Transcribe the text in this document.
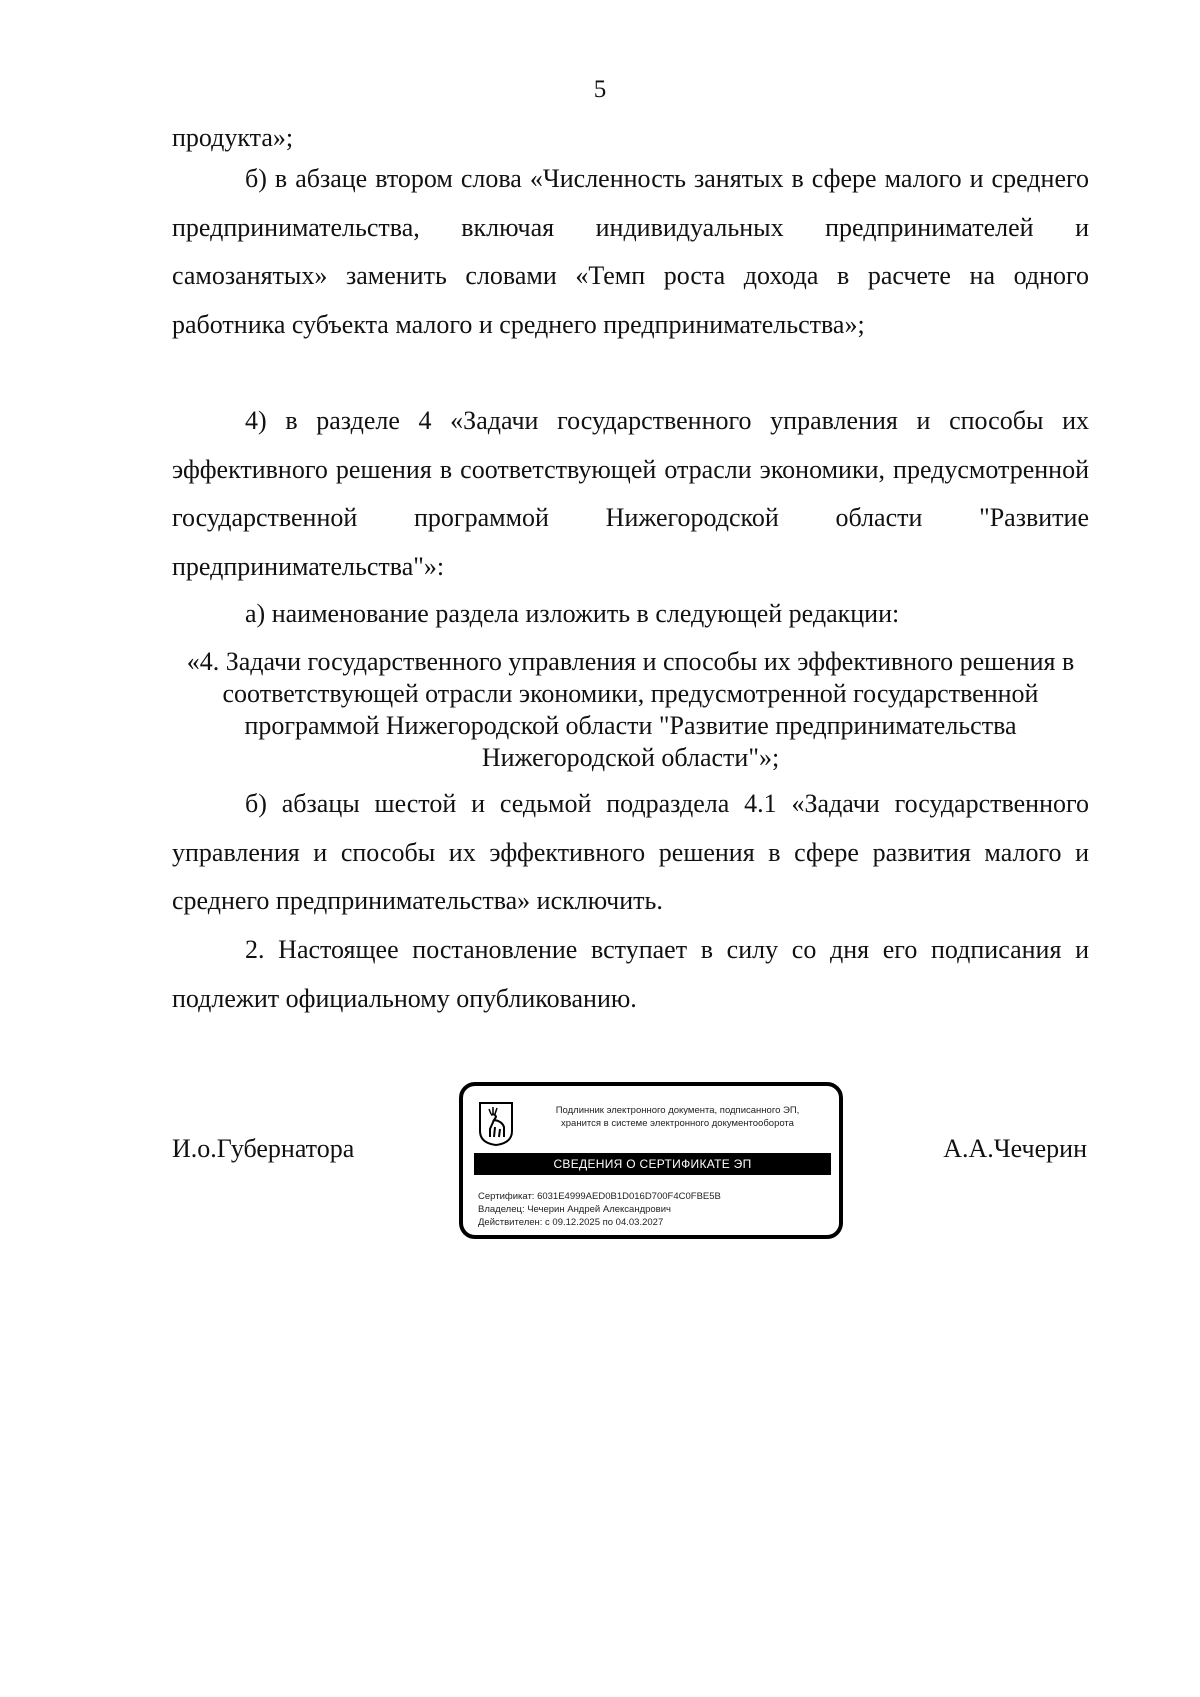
5

продукта»;

б) в абзаце втором слова «Численность занятых в сфере малого и среднего предпринимательства, включая индивидуальных предпринимателей и самозанятых» заменить словами «Темп роста дохода в расчете на одного работника субъекта малого и среднего предпринимательства»;

4) в разделе 4 «Задачи государственного управления и способы их эффективного решения в соответствующей отрасли экономики, предусмотренной государственной программой Нижегородской области "Развитие предпринимательства"»:

а) наименование раздела изложить в следующей редакции:

«4. Задачи государственного управления и способы их эффективного решения в соответствующей отрасли экономики, предусмотренной государственной программой Нижегородской области "Развитие предпринимательства Нижегородской области"»;

б) абзацы шестой и седьмой подраздела 4.1 «Задачи государственного управления и способы их эффективного решения в сфере развития малого и среднего предпринимательства» исключить.

2. Настоящее постановление вступает в силу со дня его подписания и подлежит официальному опубликованию.

И.о.Губернатора	А.А.Чечерин
Подлинник электронного документа, подписанного ЭП,
хранится в системе электронного документооборота
СВЕДЕНИЯ О СЕРТИФИКАТЕ ЭП
Сертификат: 6031E4999AED0B1D016D700F4C0FBE5B
Владелец: Чечерин Андрей Александрович
Действителен: с 09.12.2025 по 04.03.2027
